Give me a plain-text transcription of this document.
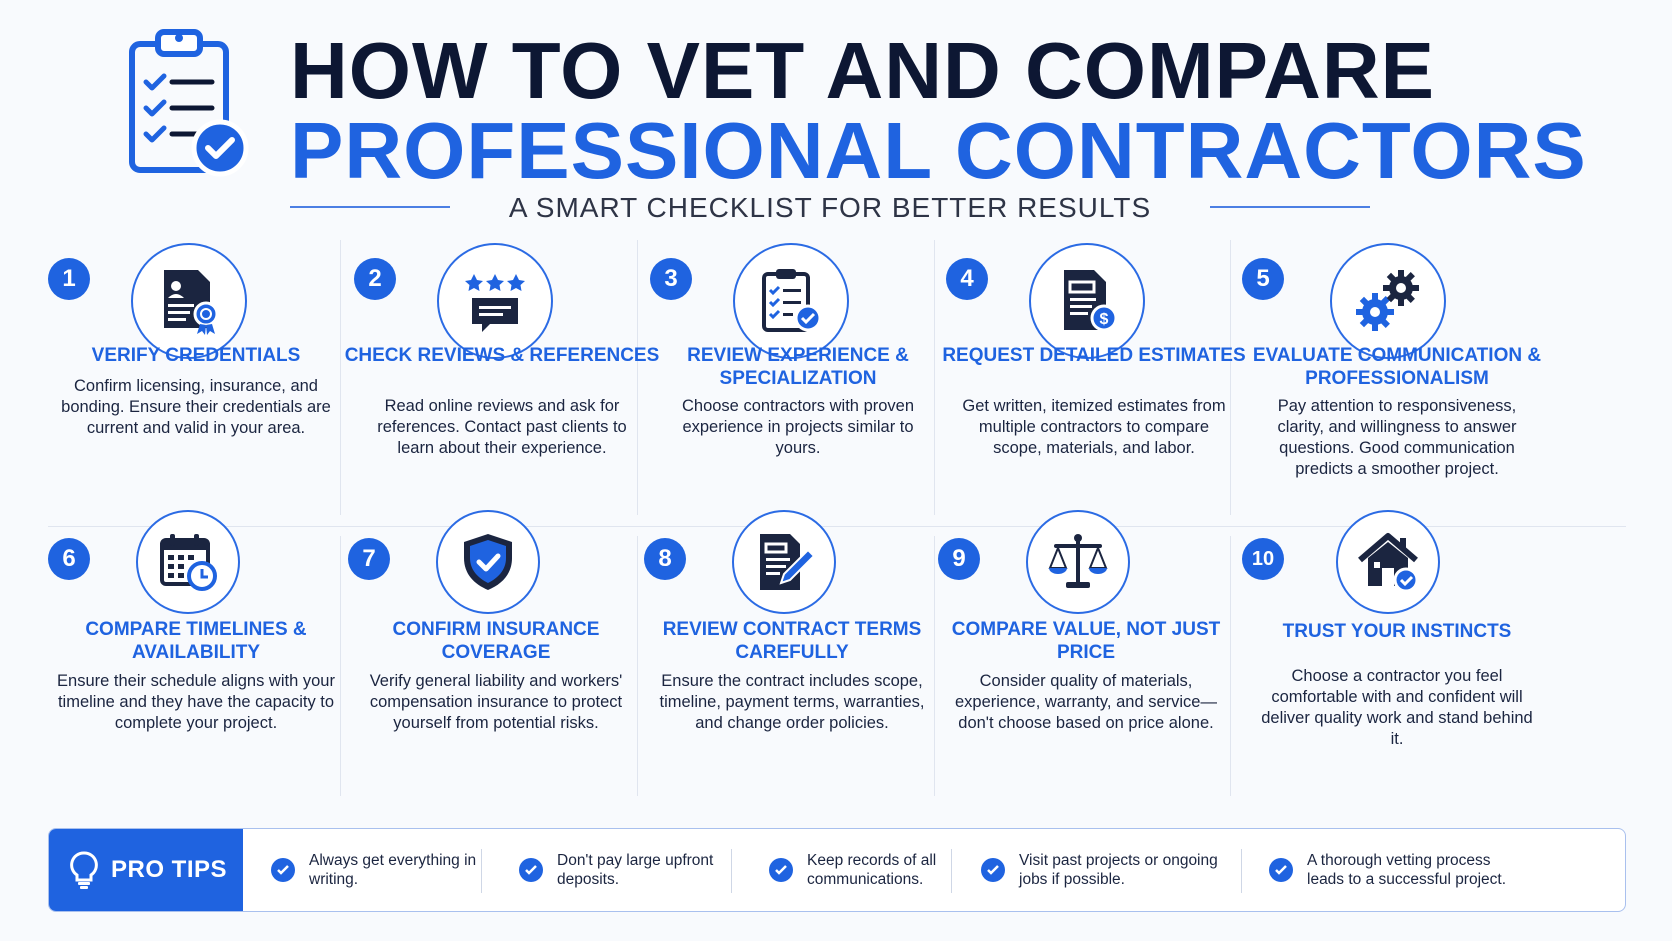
HOW TO VET AND COMPARE
PROFESSIONAL CONTRACTORS
A SMART CHECKLIST FOR BETTER RESULTS
1
VERIFY CREDENTIALS
Confirm licensing, insurance, and bonding. Ensure their credentials are current and valid in your area.
2
CHECK REVIEWS & REFERENCES
Read online reviews and ask for references. Contact past clients to learn about their experience.
3
REVIEW EXPERIENCE & SPECIALIZATION
Choose contractors with proven experience in projects similar to yours.
4
$
REQUEST DETAILED ESTIMATES
Get written, itemized estimates from multiple contractors to compare scope, materials, and labor.
5
EVALUATE COMMUNICATION & PROFESSIONALISM
Pay attention to responsiveness, clarity, and willingness to answer questions. Good communication predicts a smoother project.
6
COMPARE TIMELINES & AVAILABILITY
Ensure their schedule aligns with your timeline and they have the capacity to complete your project.
7
CONFIRM INSURANCE COVERAGE
Verify general liability and workers' compensation insurance to protect yourself from potential risks.
8
REVIEW CONTRACT TERMS CAREFULLY
Ensure the contract includes scope, timeline, payment terms, warranties, and change order policies.
9
COMPARE VALUE, NOT JUST PRICE
Consider quality of materials, experience, warranty, and service—don't choose based on price alone.
10
TRUST YOUR INSTINCTS
Choose a contractor you feel comfortable with and confident will deliver quality work and stand behind it.
PRO TIPS	Always get everything in writing.
Don't pay large upfront deposits.
Keep records of all communications.
Visit past projects or ongoing jobs if possible.
A thorough vetting process leads to a successful project.
